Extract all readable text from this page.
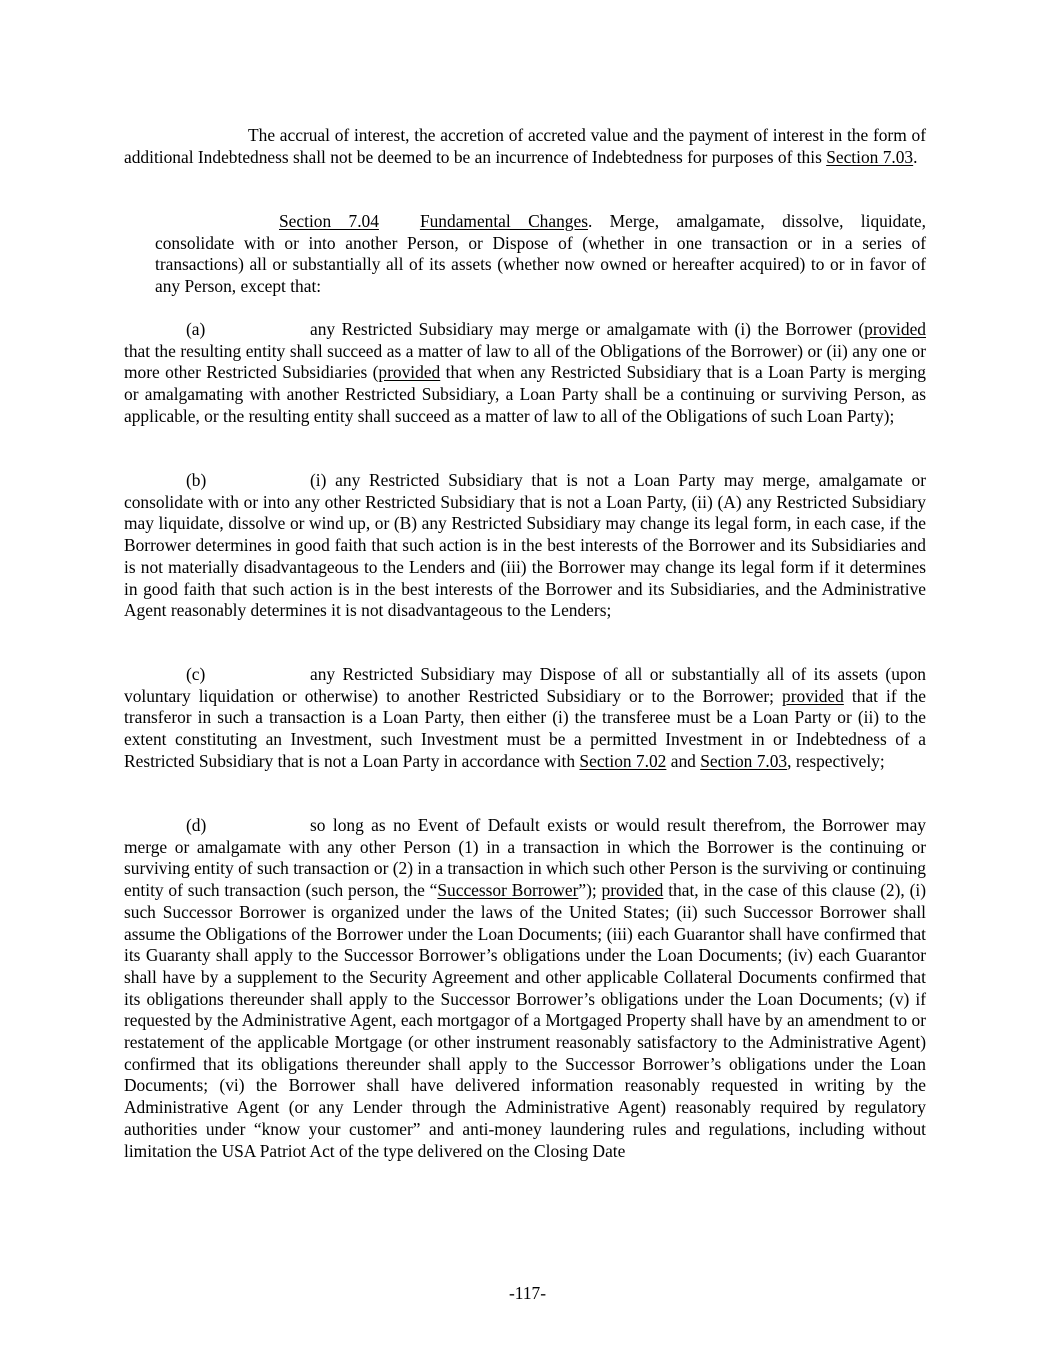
The accrual of interest, the accretion of accreted value and the payment of interest in the form of additional Indebtedness shall not be deemed to be an incurrence of Indebtedness for purposes of this Section 7.03.

Section 7.04 Fundamental Changes. Merge, amalgamate, dissolve, liquidate, consolidate with or into another Person, or Dispose of (whether in one transaction or in a series of transactions) all or substantially all of its assets (whether now owned or hereafter acquired) to or in favor of any Person, except that:

(a)	any Restricted Subsidiary may merge or amalgamate with (i) the Borrower (provided that the resulting entity shall succeed as a matter of law to all of the Obligations of the Borrower) or (ii) any one or more other Restricted Subsidiaries (provided that when any Restricted Subsidiary that is a Loan Party is merging or amalgamating with another Restricted Subsidiary, a Loan Party shall be a continuing or surviving Person, as applicable, or the resulting entity shall succeed as a matter of law to all of the Obligations of such Loan Party);

(b)	(i) any Restricted Subsidiary that is not a Loan Party may merge, amalgamate or consolidate with or into any other Restricted Subsidiary that is not a Loan Party, (ii) (A) any Restricted Subsidiary may liquidate, dissolve or wind up, or (B) any Restricted Subsidiary may change its legal form, in each case, if the Borrower determines in good faith that such action is in the best interests of the Borrower and its Subsidiaries and is not materially disadvantageous to the Lenders and (iii) the Borrower may change its legal form if it determines in good faith that such action is in the best interests of the Borrower and its Subsidiaries, and the Administrative Agent reasonably determines it is not disadvantageous to the Lenders;

(c)	any Restricted Subsidiary may Dispose of all or substantially all of its assets (upon voluntary liquidation or otherwise) to another Restricted Subsidiary or to the Borrower; provided that if the transferor in such a transaction is a Loan Party, then either (i) the transferee must be a Loan Party or (ii) to the extent constituting an Investment, such Investment must be a permitted Investment in or Indebtedness of a Restricted Subsidiary that is not a Loan Party in accordance with Section 7.02 and Section 7.03, respectively;

(d)	so long as no Event of Default exists or would result therefrom, the Borrower may merge or amalgamate with any other Person (1) in a transaction in which the Borrower is the continuing or surviving entity of such transaction or (2) in a transaction in which such other Person is the surviving or continuing entity of such transaction (such person, the “Successor Borrower”); provided that, in the case of this clause (2), (i) such Successor Borrower is organized under the laws of the United States; (ii) such Successor Borrower shall assume the Obligations of the Borrower under the Loan Documents; (iii) each Guarantor shall have confirmed that its Guaranty shall apply to the Successor Borrower’s obligations under the Loan Documents; (iv) each Guarantor shall have by a supplement to the Security Agreement and other applicable Collateral Documents confirmed that its obligations thereunder shall apply to the Successor Borrower’s obligations under the Loan Documents; (v) if requested by the Administrative Agent, each mortgagor of a Mortgaged Property shall have by an amendment to or restatement of the applicable Mortgage (or other instrument reasonably satisfactory to the Administrative Agent) confirmed that its obligations thereunder shall apply to the Successor Borrower’s obligations under the Loan Documents; (vi) the Borrower shall have delivered information reasonably requested in writing by the Administrative Agent (or any Lender through the Administrative Agent) reasonably required by regulatory authorities under “know your customer” and anti-money laundering rules and regulations, including without limitation the USA Patriot Act of the type delivered on the Closing Date

-117-
